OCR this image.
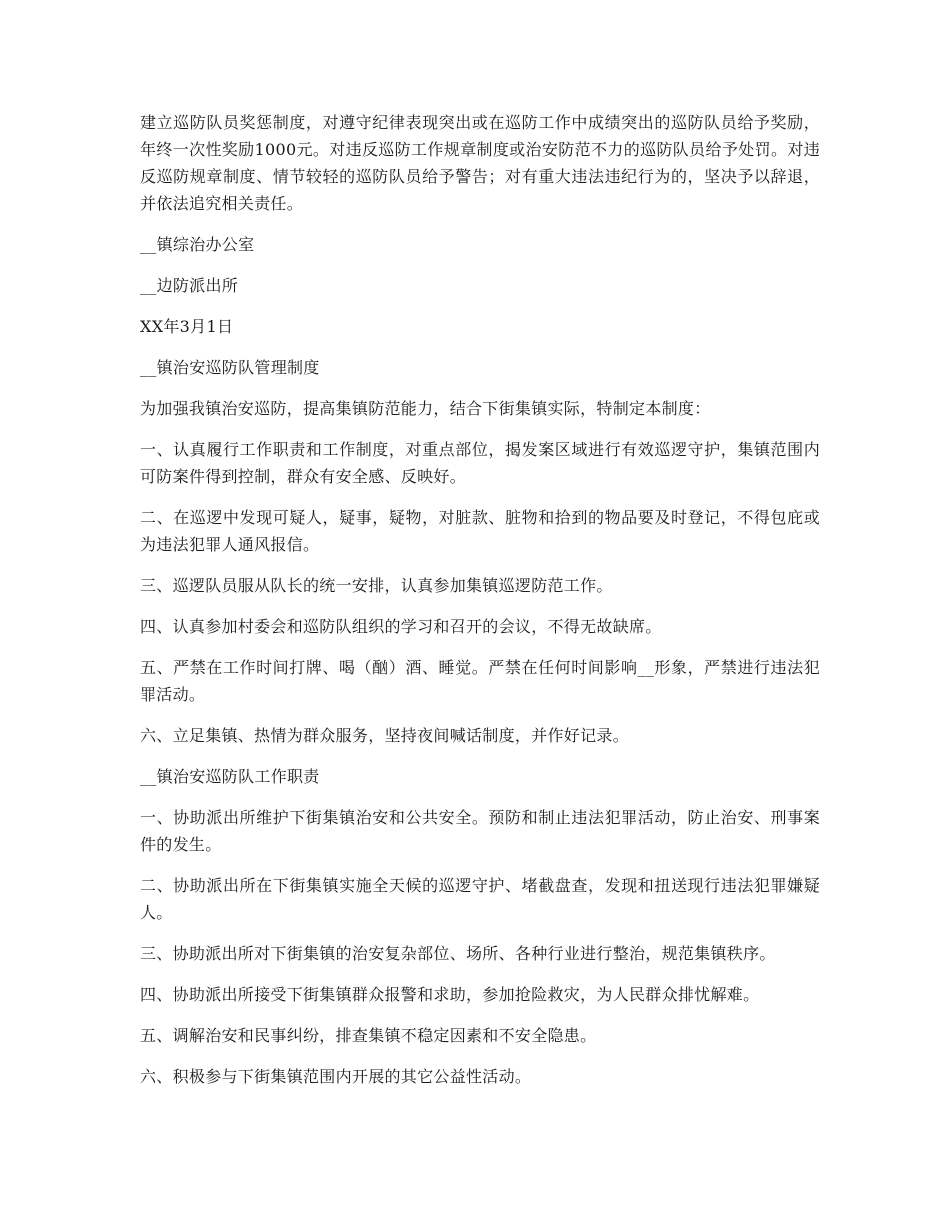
建立巡防队员奖惩制度，对遵守纪律表现突出或在巡防工作中成绩突出的巡防队员给予奖励，年终一次性奖励1000元。对违反巡防工作规章制度或治安防范不力的巡防队员给予处罚。对违反巡防规章制度、情节较轻的巡防队员给予警告；对有重大违法违纪行为的，坚决予以辞退，并依法追究相关责任。

__镇综治办公室

__边防派出所

XX年3月1日

__镇治安巡防队管理制度

为加强我镇治安巡防，提高集镇防范能力，结合下街集镇实际，特制定本制度：

一、认真履行工作职责和工作制度，对重点部位，揭发案区域进行有效巡逻守护，集镇范围内可防案件得到控制，群众有安全感、反映好。

二、在巡逻中发现可疑人，疑事，疑物，对脏款、脏物和拾到的物品要及时登记，不得包庇或为违法犯罪人通风报信。

三、巡逻队员服从队长的统一安排，认真参加集镇巡逻防范工作。

四、认真参加村委会和巡防队组织的学习和召开的会议，不得无故缺席。

五、严禁在工作时间打牌、喝（酗）酒、睡觉。严禁在任何时间影响__形象，严禁进行违法犯罪活动。

六、立足集镇、热情为群众服务，坚持夜间喊话制度，并作好记录。

__镇治安巡防队工作职责

一、协助派出所维护下街集镇治安和公共安全。预防和制止违法犯罪活动，防止治安、刑事案件的发生。

二、协助派出所在下街集镇实施全天候的巡逻守护、堵截盘查，发现和扭送现行违法犯罪嫌疑人。

三、协助派出所对下街集镇的治安复杂部位、场所、各种行业进行整治，规范集镇秩序。

四、协助派出所接受下街集镇群众报警和求助，参加抢险救灾，为人民群众排忧解难。

五、调解治安和民事纠纷，排查集镇不稳定因素和不安全隐患。

六、积极参与下街集镇范围内开展的其它公益性活动。
